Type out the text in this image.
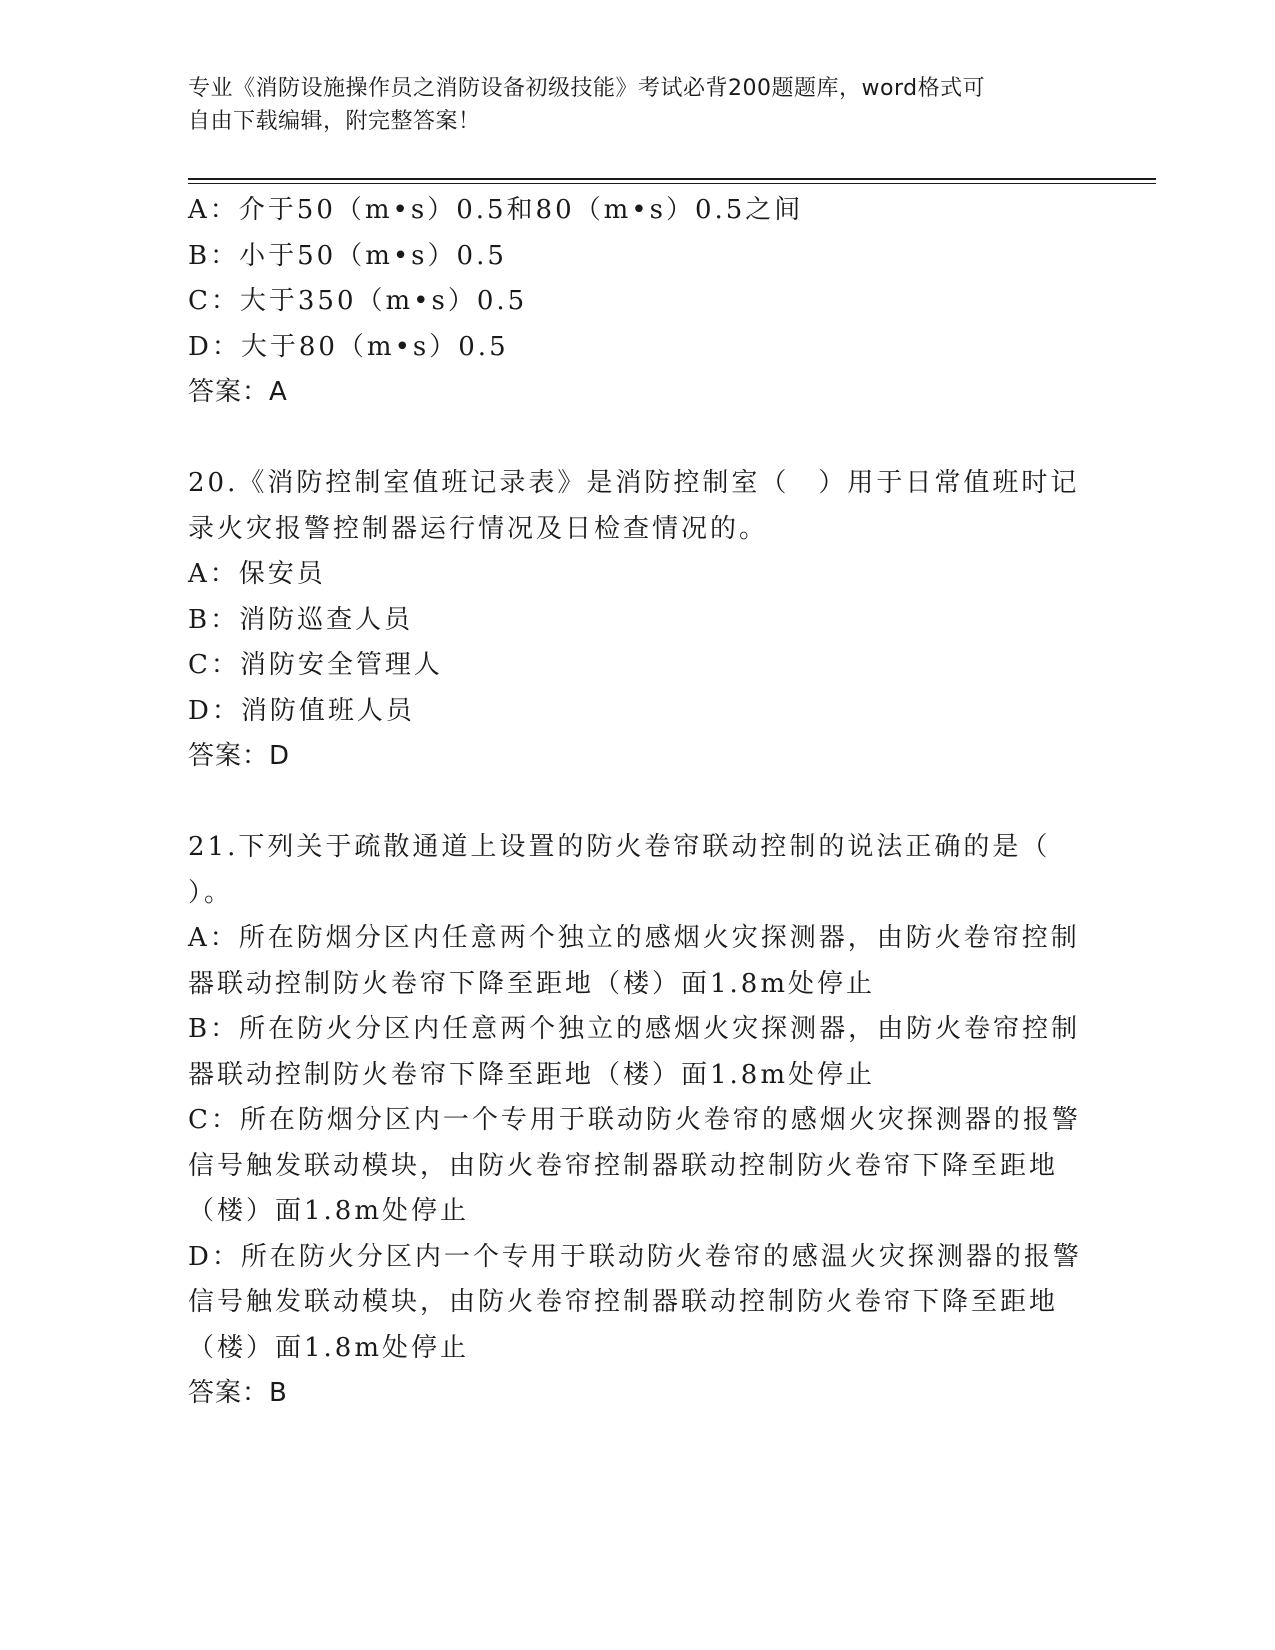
专业《消防设施操作员之消防设备初级技能》考试必背200题题库，word格式可
自由下载编辑，附完整答案！
A：介于50（m•s）0.5和80（m•s）0.5之间
B：小于50（m•s）0.5
C：大于350（m•s）0.5
D：大于80（m•s）0.5
答案：A
20.《消防控制室值班记录表》是消防控制室（　）用于日常值班时记
录火灾报警控制器运行情况及日检查情况的。
A：保安员
B：消防巡查人员
C：消防安全管理人
D：消防值班人员
答案：D
21.下列关于疏散通道上设置的防火卷帘联动控制的说法正确的是（
）。
A：所在防烟分区内任意两个独立的感烟火灾探测器，由防火卷帘控制
器联动控制防火卷帘下降至距地（楼）面1.8m处停止
B：所在防火分区内任意两个独立的感烟火灾探测器，由防火卷帘控制
器联动控制防火卷帘下降至距地（楼）面1.8m处停止
C：所在防烟分区内一个专用于联动防火卷帘的感烟火灾探测器的报警
信号触发联动模块，由防火卷帘控制器联动控制防火卷帘下降至距地
（楼）面1.8m处停止
D：所在防火分区内一个专用于联动防火卷帘的感温火灾探测器的报警
信号触发联动模块，由防火卷帘控制器联动控制防火卷帘下降至距地
（楼）面1.8m处停止
答案：B
